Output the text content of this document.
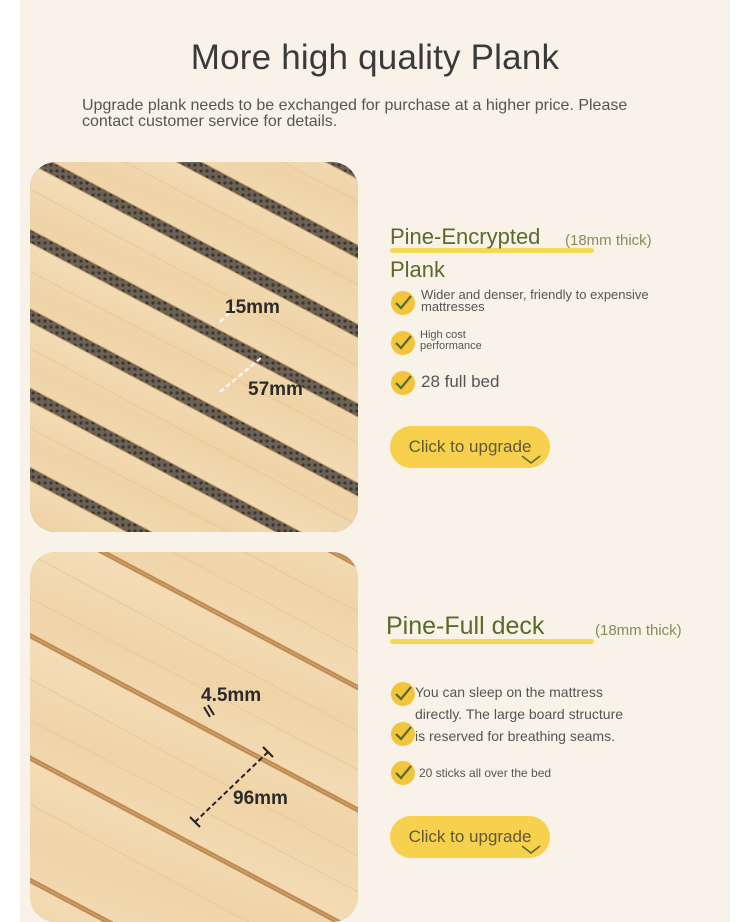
More high quality Plank
Upgrade plank needs to be exchanged for purchase at a higher price. Please contact customer service for details.
15mm
57mm
Pine-Encrypted (18mm thick)
Plank
Wider and denser, friendly to expensive mattresses
High cost performance
28 full bed
Click to upgrade
4.5mm
96mm
Pine-Full deck	(18mm thick)
You can sleep on the mattress directly. The large board structure is reserved for breathing seams.
20 sticks all over the bed
Click to upgrade
